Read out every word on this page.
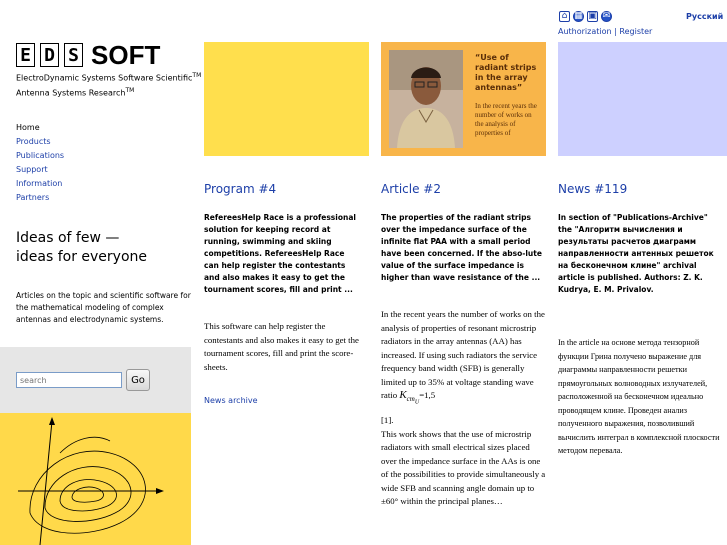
⌂ ▦ ▣ ✉	Русский
Authorization | Register
E D S SOFT
ElectroDynamic Systems Software Scientific™
Antenna Systems Research™
Home
Products
Publications
Support
Information
Partners
Ideas of few —
ideas for everyone
Articles on the topic and scientific software for the mathematical modeling of complex antennas and electrodynamic systems.
search
Go
“Use of radiant strips in the array antennas”
In the recent years the number of works on the analysis of properties of
Program #4
RefereesHelp Race is a professional solution for keeping record at running, swimming and skiing competitions. RefereesHelp Race can help register the contestants and also makes it easy to get the tournament scores, fill and print ...
This software can help register the contestants and also makes it easy to get the tournament scores, fill and print the score-sheets.
News archive
Article #2
The properties of the radiant strips over the impedance surface of the infinite flat PAA with a small period have been concerned. If the abso-lute value of the surface impedance is higher than wave resistance of the ...
In the recent years the number of works on the analysis of properties of resonant microstrip radiators in the array antennas (AA) has increased. If using such radiators the service frequency band width (SFB) is generally limited up to 35% at voltage standing wave ratio $K_{cт_U}=1,5$
[1].
This work shows that the use of microstrip radiators with small electrical sizes placed over the impedance surface in the AAs is one of the possibilities to provide simultaneously a wide SFB and scanning angle domain up to ±60° within the principal planes…
News #119
In section of "Publications-Archive" the "Алгоритм вычисления и результаты расчетов диаграмм направленности антенных решеток на бесконечном клине" archival article is published. Authors: Z. K. Kudrya, E. M. Privalov.
In the article на основе метода тензорной функции Грина получено выражение для диаграммы направленности решетки прямоугольных волноводных излучателей, расположенной на бесконечном идеально проводящем клине. Проведен анализ полученного выражения, позволивший вычислить интеграл в комплексной плоскости методом перевала.
